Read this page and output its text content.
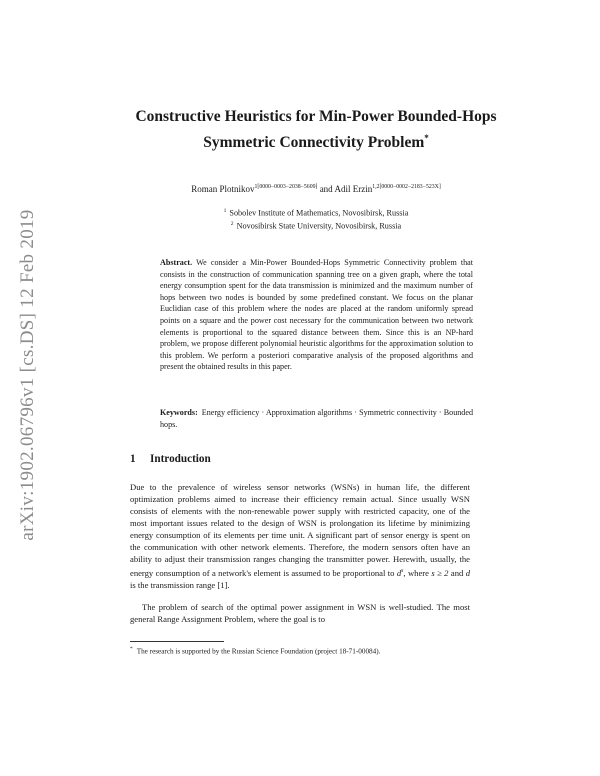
arXiv:1902.06796v1 [cs.DS] 12 Feb 2019
Constructive Heuristics for Min-Power Bounded-Hops Symmetric Connectivity Problem*
Roman Plotnikov$^{1[0000-0003-2038-5609]}$ and Adil Erzin$^{1,2[0000-0002-2183-523X]}$
$^1$ Sobolev Institute of Mathematics, Novosibirsk, Russia
$^2$ Novosibirsk State University, Novosibirsk, Russia
Abstract. We consider a Min-Power Bounded-Hops Symmetric Connectivity problem that consists in the construction of communication spanning tree on a given graph, where the total energy consumption spent for the data transmission is minimized and the maximum number of hops between two nodes is bounded by some predefined constant. We focus on the planar Euclidian case of this problem where the nodes are placed at the random uniformly spread points on a square and the power cost necessary for the communication between two network elements is proportional to the squared distance between them. Since this is an NP-hard problem, we propose different polynomial heuristic algorithms for the approximation solution to this problem. We perform a posteriori comparative analysis of the proposed algorithms and present the obtained results in this paper.
Keywords: Energy efficiency · Approximation algorithms · Symmetric connectivity · Bounded hops.
1 Introduction

Due to the prevalence of wireless sensor networks (WSNs) in human life, the different optimization problems aimed to increase their efficiency remain actual. Since usually WSN consists of elements with the non-renewable power supply with restricted capacity, one of the most important issues related to the design of WSN is prolongation its lifetime by minimizing energy consumption of its elements per time unit. A significant part of sensor energy is spent on the communication with other network elements. Therefore, the modern sensors often have an ability to adjust their transmission ranges changing the transmitter power. Herewith, usually, the energy consumption of a network's element is assumed to be proportional to $d^s$, where s ≥ 2 and d is the transmission range [1].

The problem of search of the optimal power assignment in WSN is well-studied. The most general Range Assignment Problem, where the goal is to

* The research is supported by the Russian Science Foundation (project 18-71-00084).
